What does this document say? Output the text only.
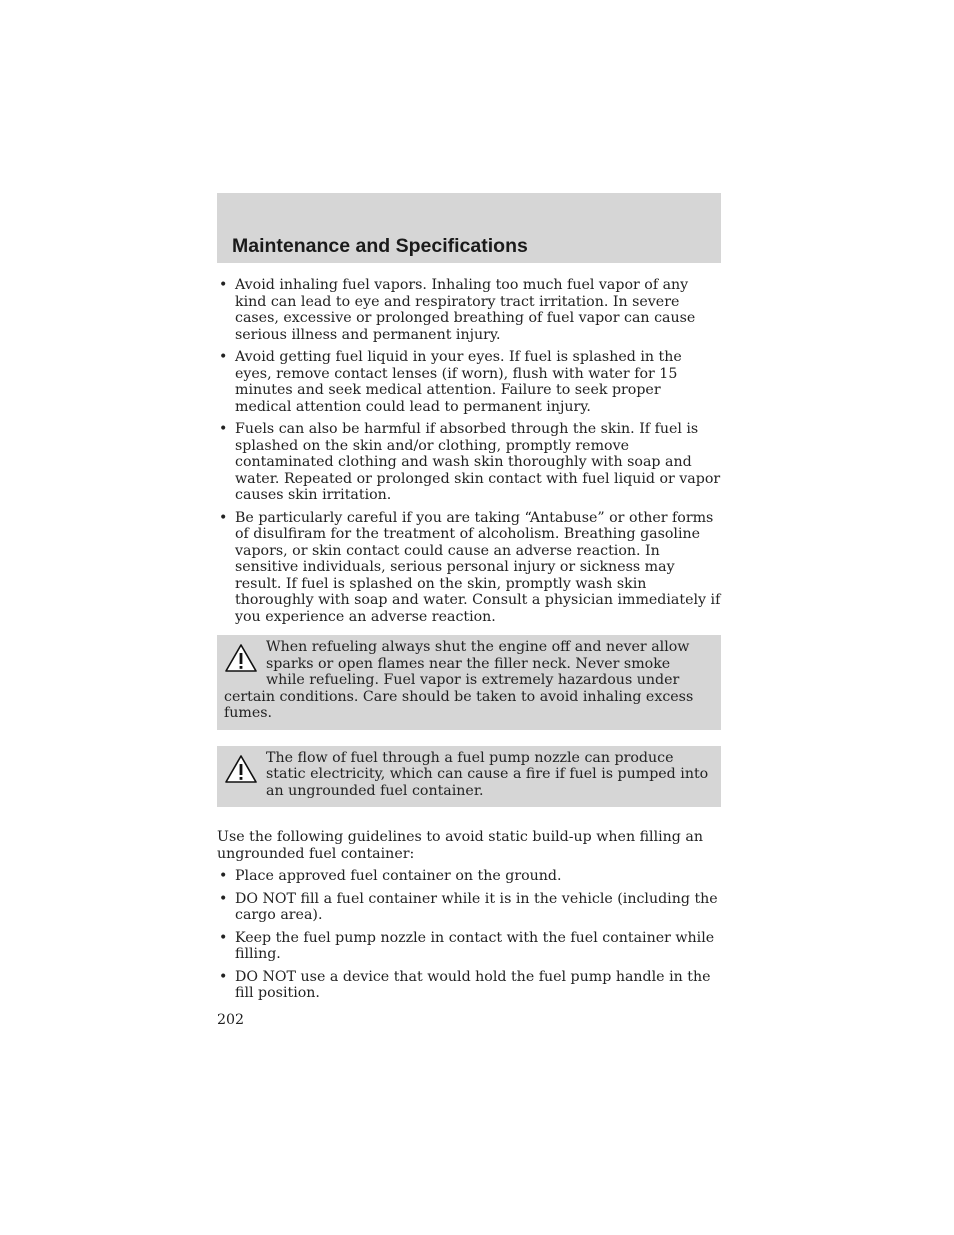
Maintenance and Specifications
• Avoid inhaling fuel vapors. Inhaling too much fuel vapor of any kind can lead to eye and respiratory tract irritation. In severe cases, excessive or prolonged breathing of fuel vapor can cause serious illness and permanent injury.
• Avoid getting fuel liquid in your eyes. If fuel is splashed in the eyes, remove contact lenses (if worn), flush with water for 15 minutes and seek medical attention. Failure to seek proper medical attention could lead to permanent injury.
• Fuels can also be harmful if absorbed through the skin. If fuel is splashed on the skin and/or clothing, promptly remove contaminated clothing and wash skin thoroughly with soap and water. Repeated or prolonged skin contact with fuel liquid or vapor causes skin irritation.
• Be particularly careful if you are taking “Antabuse” or other forms of disulfiram for the treatment of alcoholism. Breathing gasoline vapors, or skin contact could cause an adverse reaction. In sensitive individuals, serious personal injury or sickness may result. If fuel is splashed on the skin, promptly wash skin thoroughly with soap and water. Consult a physician immediately if you experience an adverse reaction.
When refueling always shut the engine off and never allow sparks or open flames near the filler neck. Never smoke while refueling. Fuel vapor is extremely hazardous under certain conditions. Care should be taken to avoid inhaling excess fumes.
The flow of fuel through a fuel pump nozzle can produce static electricity, which can cause a fire if fuel is pumped into an ungrounded fuel container.
Use the following guidelines to avoid static build-up when filling an ungrounded fuel container:
• Place approved fuel container on the ground.
• DO NOT fill a fuel container while it is in the vehicle (including the cargo area).
• Keep the fuel pump nozzle in contact with the fuel container while filling.
• DO NOT use a device that would hold the fuel pump handle in the fill position.
202
